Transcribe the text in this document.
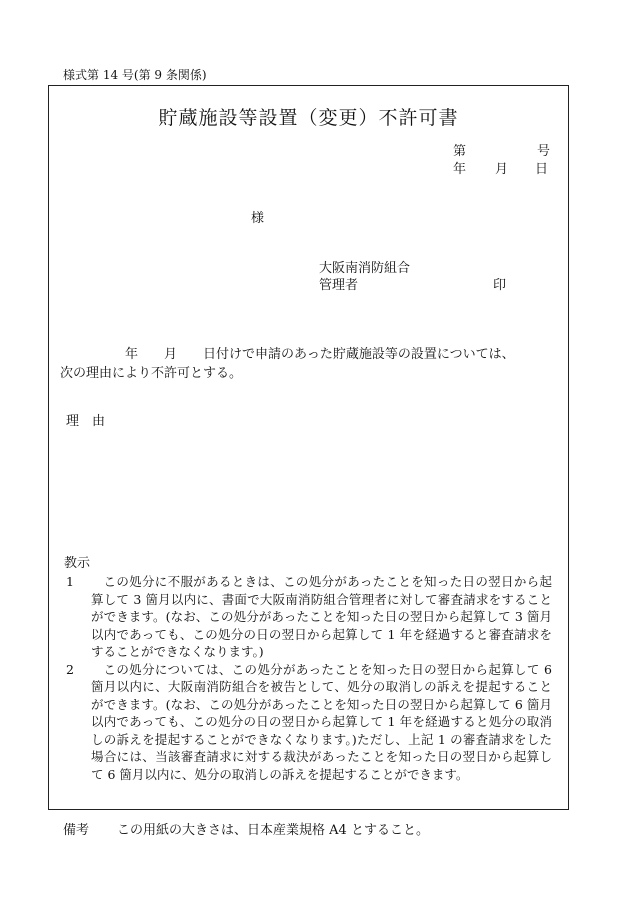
様式第 14 号(第 9 条関係)
貯蔵施設等設置（変更）不許可書
第	号
年 月 日
様
大阪南消防組合
管理者	印

　　　　　年　　月　　日付けで申請のあった貯蔵施設等の設置については、

次の理由により不許可とする。

理　由
教示
1	この処分に不服があるときは、この処分があったことを知った日の翌日から起算して 3 箇月以内に、書面で大阪南消防組合管理者に対して審査請求をすることができます。(なお、この処分があったことを知った日の翌日から起算して 3 箇月以内であっても、この処分の日の翌日から起算して 1 年を経過すると審査請求をすることができなくなります。)
2	この処分については、この処分があったことを知った日の翌日から起算して 6 箇月以内に、大阪南消防組合を被告として、処分の取消しの訴えを提起することができます。(なお、この処分があったことを知った日の翌日から起算して 6 箇月以内であっても、この処分の日の翌日から起算して 1 年を経過すると処分の取消しの訴えを提起することができなくなります。)ただし、上記 1 の審査請求をした場合には、当該審査請求に対する裁決があったことを知った日の翌日から起算して 6 箇月以内に、処分の取消しの訴えを提起することができます。
備考 この用紙の大きさは、日本産業規格 A4 とすること。
